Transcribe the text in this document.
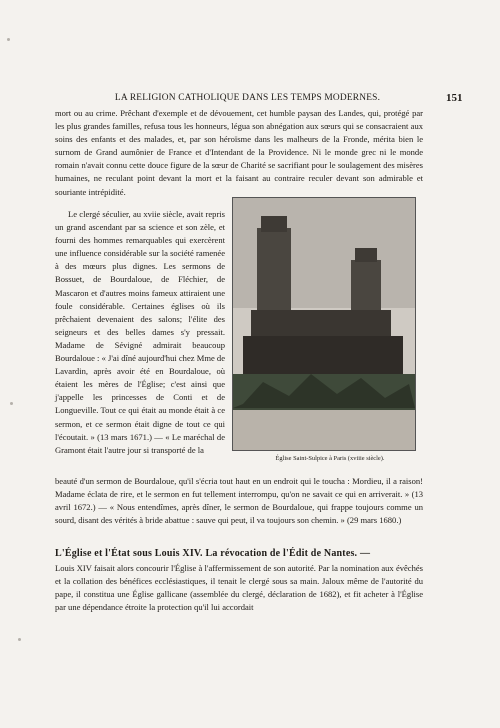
LA RELIGION CATHOLIQUE DANS LES TEMPS MODERNES.	151
mort ou au crime. Prêchant d'exemple et de dévouement, cet humble paysan des Landes, qui, protégé par les plus grandes familles, refusa tous les honneurs, légua son abnégation aux sœurs qui se consacraient aux soins des enfants et des malades, et, par son héroïsme dans les malheurs de la Fronde, mérita bien le surnom de Grand aumônier de France et d'Intendant de la Providence. Ni le monde grec ni le monde romain n'avait connu cette douce figure de la sœur de Charité se sacrifiant pour le soulagement des misères humaines, ne reculant point devant la mort et la faisant au contraire reculer devant son admirable et souriante intrépidité.
Le clergé séculier, au xviie siècle, avait repris un grand ascendant par sa science et son zèle, et fourni des hommes remarquables qui exercèrent une influence considérable sur la société ramenée à des mœurs plus dignes. Les sermons de Bossuet, de Bourdaloue, de Fléchier, de Mascaron et d'autres moins fameux attiraient une foule considérable. Certaines églises où ils prêchaient devenaient des salons; l'élite des seigneurs et des belles dames s'y pressait. Madame de Sévigné admirait beaucoup Bourdaloue : « J'ai dîné aujourd'hui chez Mme de Lavardin, après avoir été en Bourdaloue, où étaient les mères de l'Église; c'est ainsi que j'appelle les princesses de Conti et de Longueville. Tout ce qui était au monde était à ce sermon, et ce sermon était digne de tout ce qui l'écoutait. » (13 mars 1671.) — « Le maréchal de Gramont était l'autre jour si transporté de la
Église Saint-Sulpice à Paris (xviiie siècle).
beauté d'un sermon de Bourdaloue, qu'il s'écria tout haut en un endroit qui le toucha : Mordieu, il a raison! Madame éclata de rire, et le sermon en fut tellement interrompu, qu'on ne savait ce qui en arriverait. » (13 avril 1672.) — « Nous entendîmes, après dîner, le sermon de Bourdaloue, qui frappe toujours comme un sourd, disant des vérités à bride abattue : sauve qui peut, il va toujours son chemin. » (29 mars 1680.)
L'Église et l'État sous Louis XIV. La révocation de l'Édit de Nantes. —
Louis XIV faisait alors concourir l'Église à l'affermissement de son autorité. Par la nomination aux évêchés et la collation des bénéfices ecclésiastiques, il tenait le clergé sous sa main. Jaloux même de l'autorité du pape, il constitua une Église gallicane (assemblée du clergé, déclaration de 1682), et fit acheter à l'Église par une dépendance étroite la protection qu'il lui accordait
